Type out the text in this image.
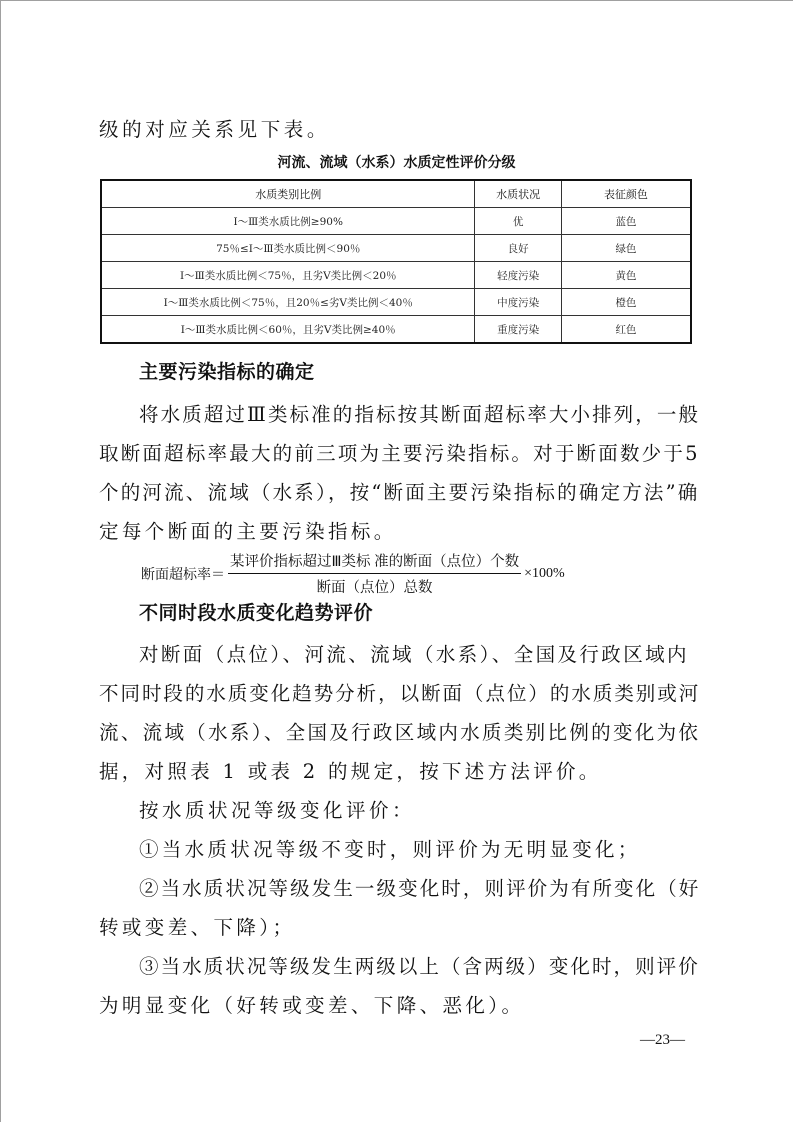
级的对应关系见下表。
河流、流域（水系）水质定性评价分级
水质类别比例	水质状况	表征颜色
Ⅰ～Ⅲ类水质比例≥90%	优	蓝色
75％≤Ⅰ～Ⅲ类水质比例＜90％	良好	绿色
Ⅰ～Ⅲ类水质比例＜75％，且劣Ⅴ类比例＜20％	轻度污染	黄色
Ⅰ～Ⅲ类水质比例＜75％，且20％≤劣Ⅴ类比例＜40％	中度污染	橙色
Ⅰ～Ⅲ类水质比例＜60％，且劣Ⅴ类比例≥40％	重度污染	红色
主要污染指标的确定
将水质超过Ⅲ类标准的指标按其断面超标率大小排列，一般
取断面超标率最大的前三项为主要污染指标。对于断面数少于5
个的河流、流域（水系），按“断面主要污染指标的确定方法”确
定每个断面的主要污染指标。
断面超标率＝ $\frac{\text{某评价指标超过Ⅲ类标 准的断面（点位）个数}}{\text{断面（点位）总数}} \times 100\%$
不同时段水质变化趋势评价
对断面（点位）、河流、流域（水系）、全国及行政区域内
不同时段的水质变化趋势分析，以断面（点位）的水质类别或河
流、流域（水系）、全国及行政区域内水质类别比例的变化为依
据，对照表 1 或表 2 的规定，按下述方法评价。
按水质状况等级变化评价：
①当水质状况等级不变时，则评价为无明显变化；
②当水质状况等级发生一级变化时，则评价为有所变化（好
转或变差、下降）；
③当水质状况等级发生两级以上（含两级）变化时，则评价
为明显变化（好转或变差、下降、恶化）。
—23—
